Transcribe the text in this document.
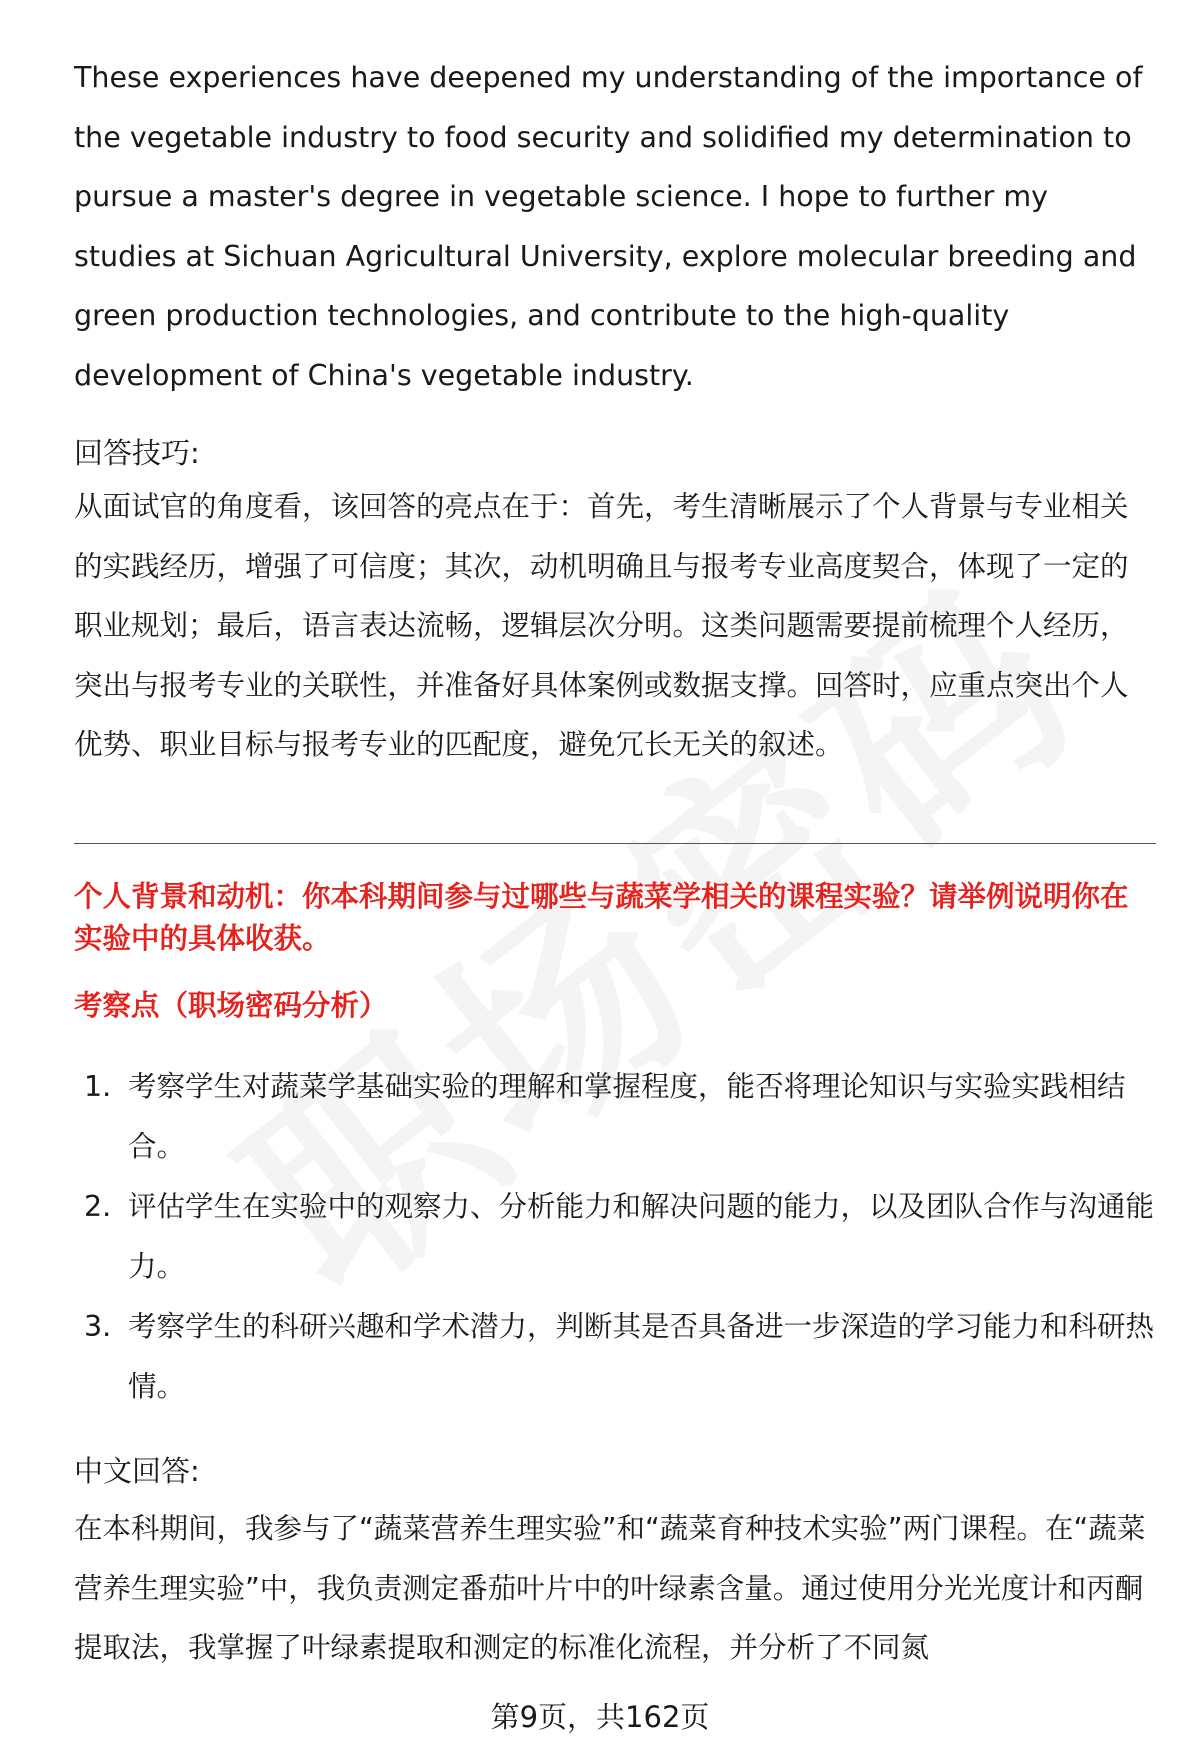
These experiences have deepened my understanding of the importance of the vegetable industry to food security and solidified my determination to pursue a master's degree in vegetable science. I hope to further my studies at Sichuan Agricultural University, explore molecular breeding and green production technologies, and contribute to the high-quality development of China's vegetable industry.

回答技巧:

从面试官的角度看，该回答的亮点在于：首先，考生清晰展示了个人背景与专业相关的实践经历，增强了可信度；其次，动机明确且与报考专业高度契合，体现了一定的职业规划；最后，语言表达流畅，逻辑层次分明。这类问题需要提前梳理个人经历，突出与报考专业的关联性，并准备好具体案例或数据支撑。回答时，应重点突出个人优势、职业目标与报考专业的匹配度，避免冗长无关的叙述。

个人背景和动机：你本科期间参与过哪些与蔬菜学相关的课程实验？请举例说明你在实验中的具体收获。

考察点（职场密码分析）

1. 考察学生对蔬菜学基础实验的理解和掌握程度，能否将理论知识与实验实践相结合。
2. 评估学生在实验中的观察力、分析能力和解决问题的能力，以及团队合作与沟通能力。
3. 考察学生的科研兴趣和学术潜力，判断其是否具备进一步深造的学习能力和科研热情。

中文回答:

在本科期间，我参与了“蔬菜营养生理实验”和“蔬菜育种技术实验”两门课程。在“蔬菜营养生理实验”中，我负责测定番茄叶片中的叶绿素含量。通过使用分光光度计和丙酮提取法，我掌握了叶绿素提取和测定的标准化流程，并分析了不同氮

第9页，共162页
